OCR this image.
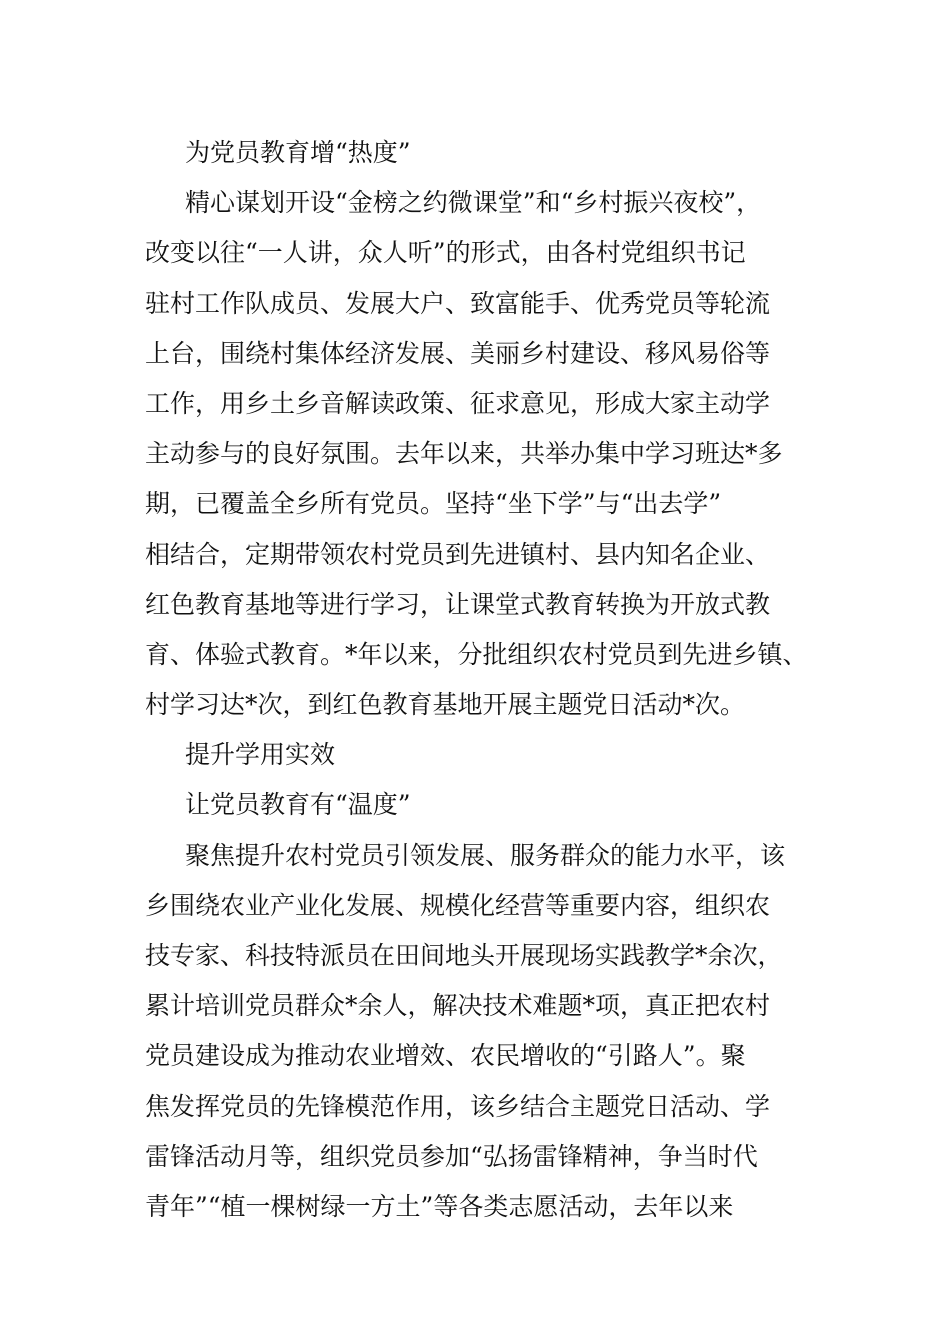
为党员教育增“热度”
精心谋划开设“金榜之约微课堂”和“乡村振兴夜校”，
改变以往“一人讲，众人听”的形式，由各村党组织书记
驻村工作队成员、发展大户、致富能手、优秀党员等轮流
上台，围绕村集体经济发展、美丽乡村建设、移风易俗等
工作，用乡土乡音解读政策、征求意见，形成大家主动学
主动参与的良好氛围。去年以来，共举办集中学习班达*多
期，已覆盖全乡所有党员。坚持“坐下学”与“出去学”
相结合，定期带领农村党员到先进镇村、县内知名企业、
红色教育基地等进行学习，让课堂式教育转换为开放式教
育、体验式教育。*年以来，分批组织农村党员到先进乡镇、
村学习达*次，到红色教育基地开展主题党日活动*次。
提升学用实效
让党员教育有“温度”
聚焦提升农村党员引领发展、服务群众的能力水平，该
乡围绕农业产业化发展、规模化经营等重要内容，组织农
技专家、科技特派员在田间地头开展现场实践教学*余次，
累计培训党员群众*余人，解决技术难题*项，真正把农村
党员建设成为推动农业增效、农民增收的“引路人”。聚
焦发挥党员的先锋模范作用，该乡结合主题党日活动、学
雷锋活动月等，组织党员参加“弘扬雷锋精神，争当时代
青年”“植一棵树绿一方土”等各类志愿活动，去年以来
